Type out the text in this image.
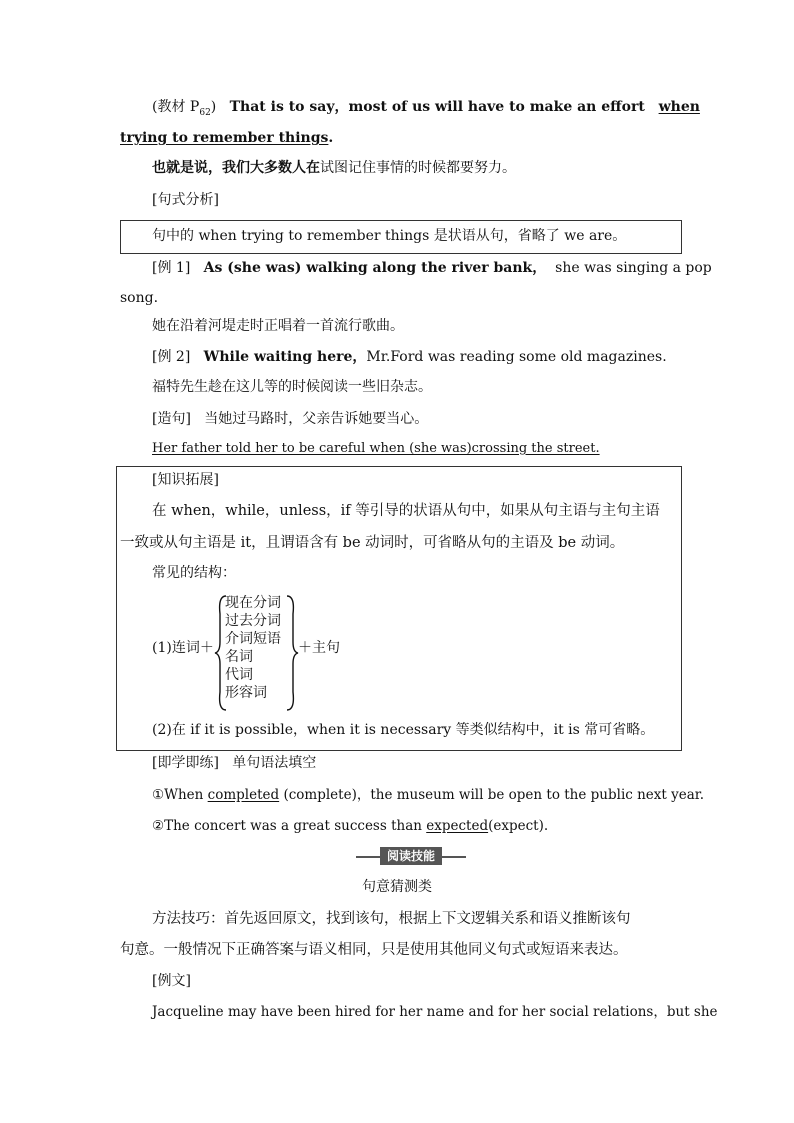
(教材 $P_{62}$) That is to say，most of us will have to make an effort   when
trying to remember things.
也就是说，我们大多数人在试图记住事情的时候都要努力。
[句式分析]
句中的 when trying to remember things 是状语从句，省略了 we are。
[例 1] As (she was) walking along the river bank， she was singing a pop
song.
她在沿着河堤走时正唱着一首流行歌曲。
[例 2] While waiting here，Mr.Ford was reading some old magazines.
福特先生趁在这儿等的时候阅读一些旧杂志。
[造句] 当她过马路时，父亲告诉她要当心。
Her father told her to be careful when (she was)crossing the street.
[知识拓展]
在 when，while，unless，if 等引导的状语从句中，如果从句主语与主句主语
一致或从句主语是 it，且谓语含有 be 动词时，可省略从句的主语及 be 动词。
常见的结构：
(1)连词＋
现在分词
过去分词
介词短语
名词
代词
形容词
＋主句
(2)在 if it is possible，when it is necessary 等类似结构中，it is 常可省略。
[即学即练] 单句语法填空
①When completed (complete)，the museum will be open to the public next year.
②The concert was a great success than expected(expect).
阅读技能
句意猜测类
方法技巧：首先返回原文，找到该句，根据上下文逻辑关系和语义推断该句
句意。一般情况下正确答案与语义相同，只是使用其他同义句式或短语来表达。
[例文]
Jacqueline may have been hired for her name and for her social relations，but she
